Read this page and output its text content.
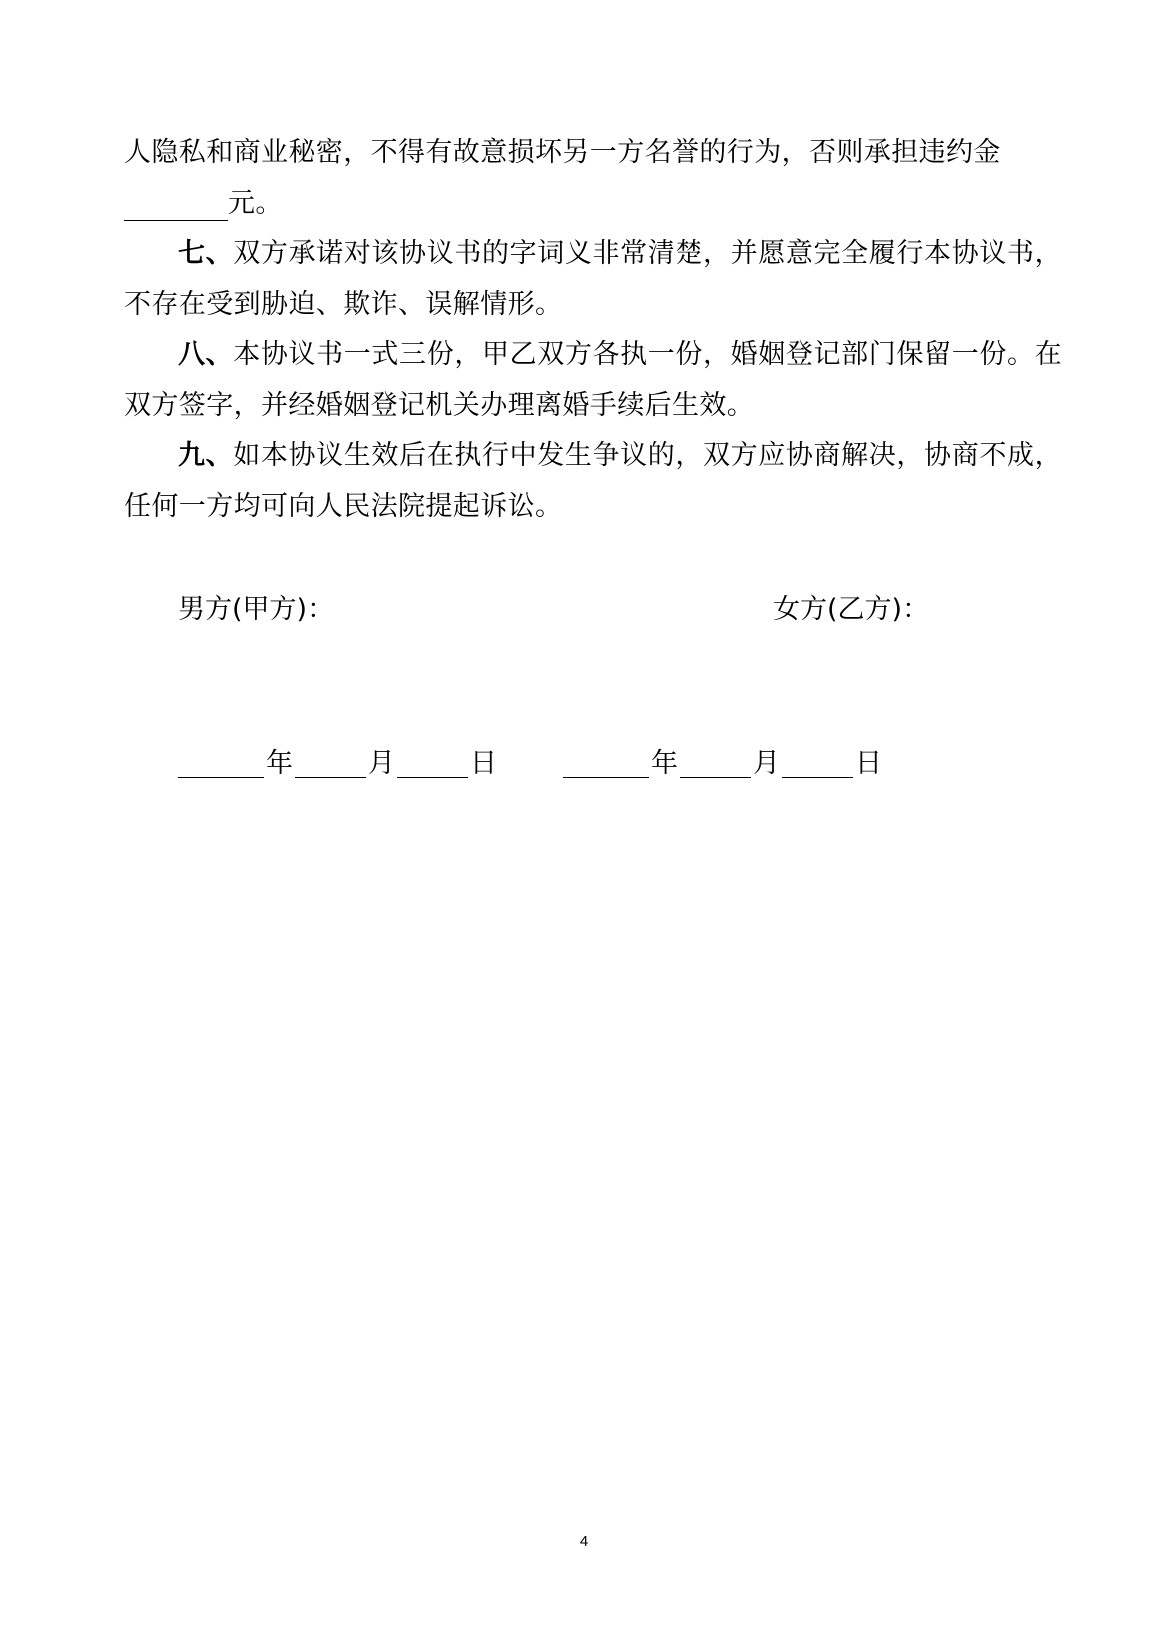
人隐私和商业秘密，不得有故意损坏另一方名誉的行为，否则承担违约金
元。

七、双方承诺对该协议书的字词义非常清楚，并愿意完全履行本协议书，不存在受到胁迫、欺诈、误解情形。

八、本协议书一式三份，甲乙双方各执一份，婚姻登记部门保留一份。在双方签字，并经婚姻登记机关办理离婚手续后生效。

九、如本协议生效后在执行中发生争议的，双方应协商解决，协商不成，任何一方均可向人民法院提起诉讼。

男方(甲方)：	女方(乙方)：
年	月	日	年	月	日
4
